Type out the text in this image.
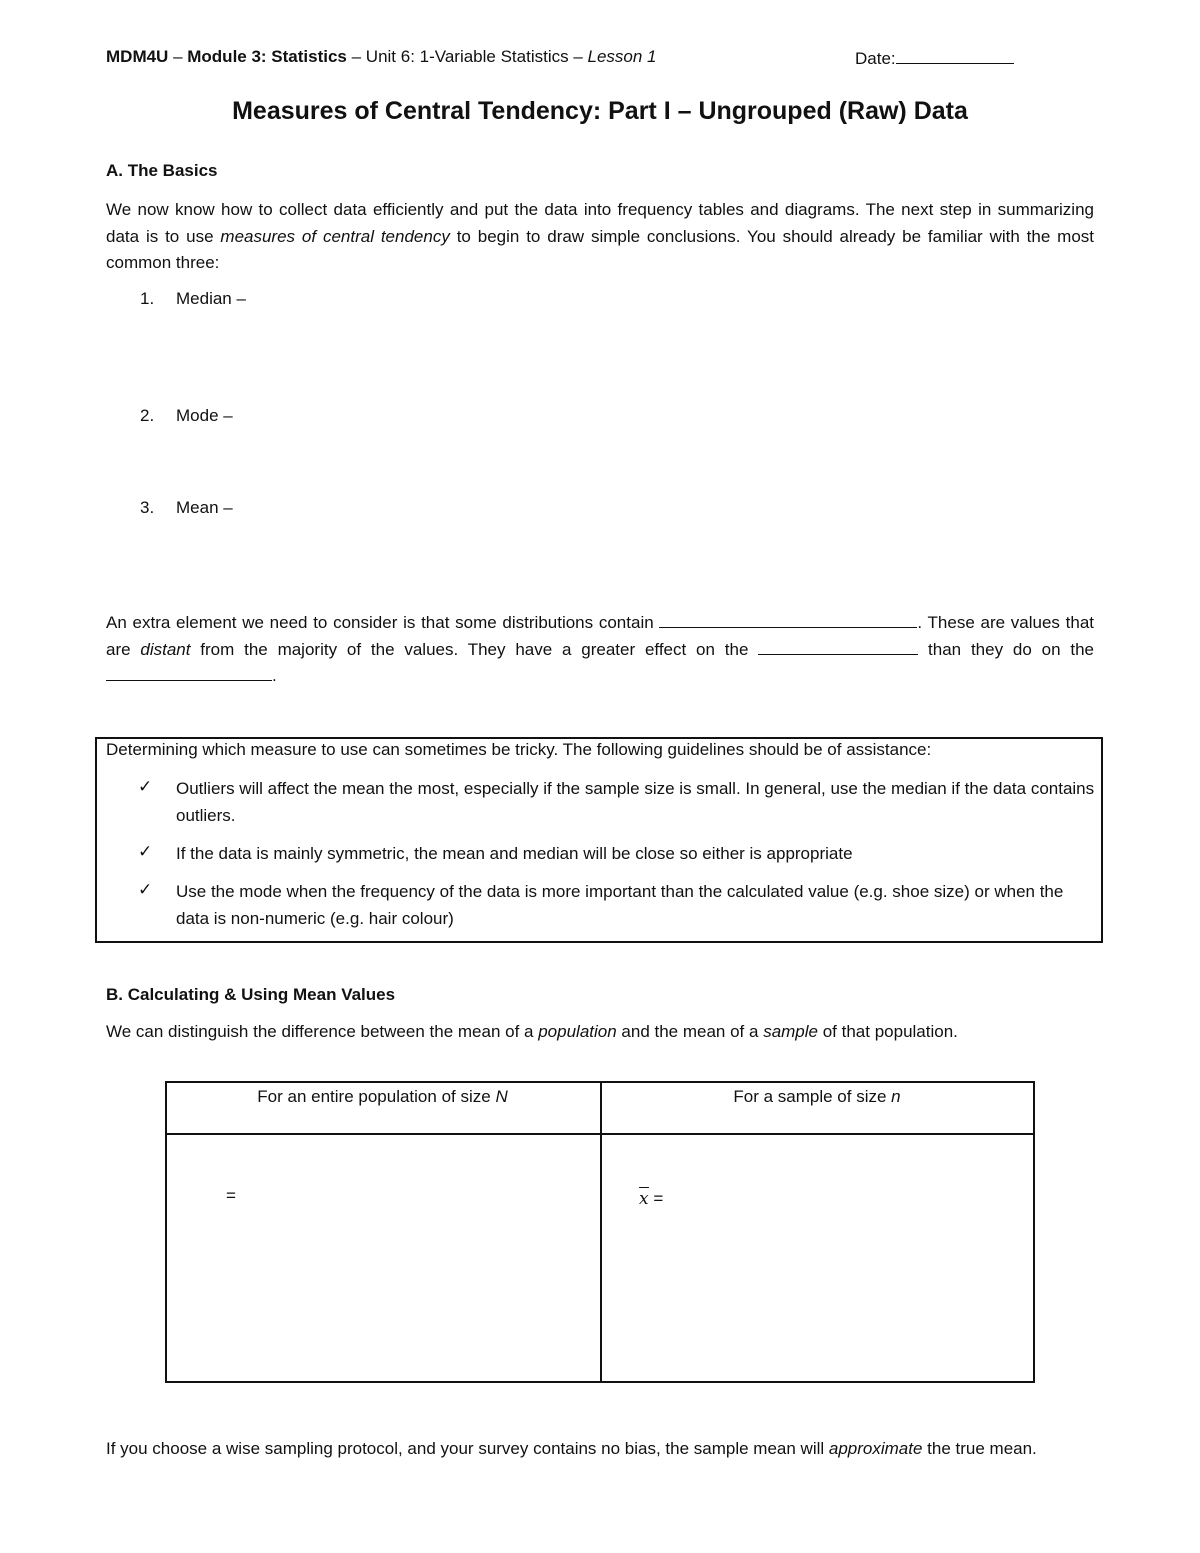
MDM4U – Module 3: Statistics – Unit 6: 1-Variable Statistics – Lesson 1	Date:
Measures of Central Tendency: Part I – Ungrouped (Raw) Data
A. The Basics
We now know how to collect data efficiently and put the data into frequency tables and diagrams. The next step in summarizing data is to use measures of central tendency to begin to draw simple conclusions. You should already be familiar with the most common three:
1. Median –
2. Mode –
3. Mean –
An extra element we need to consider is that some distributions contain	. These are values that are distant from the majority of the values. They have a greater effect on the	than they do on the .
Determining which measure to use can sometimes be tricky. The following guidelines should be of assistance:
✓ Outliers will affect the mean the most, especially if the sample size is small. In general, use the median if the data contains outliers.
✓ If the data is mainly symmetric, the mean and median will be close so either is appropriate
✓ Use the mode when the frequency of the data is more important than the calculated value (e.g. shoe size) or when the data is non-numeric (e.g. hair colour)
B. Calculating & Using Mean Values
We can distinguish the difference between the mean of a population and the mean of a sample of that population.
For an entire population of size N	For a sample of size n
=	x =
If you choose a wise sampling protocol, and your survey contains no bias, the sample mean will approximate the true mean.
